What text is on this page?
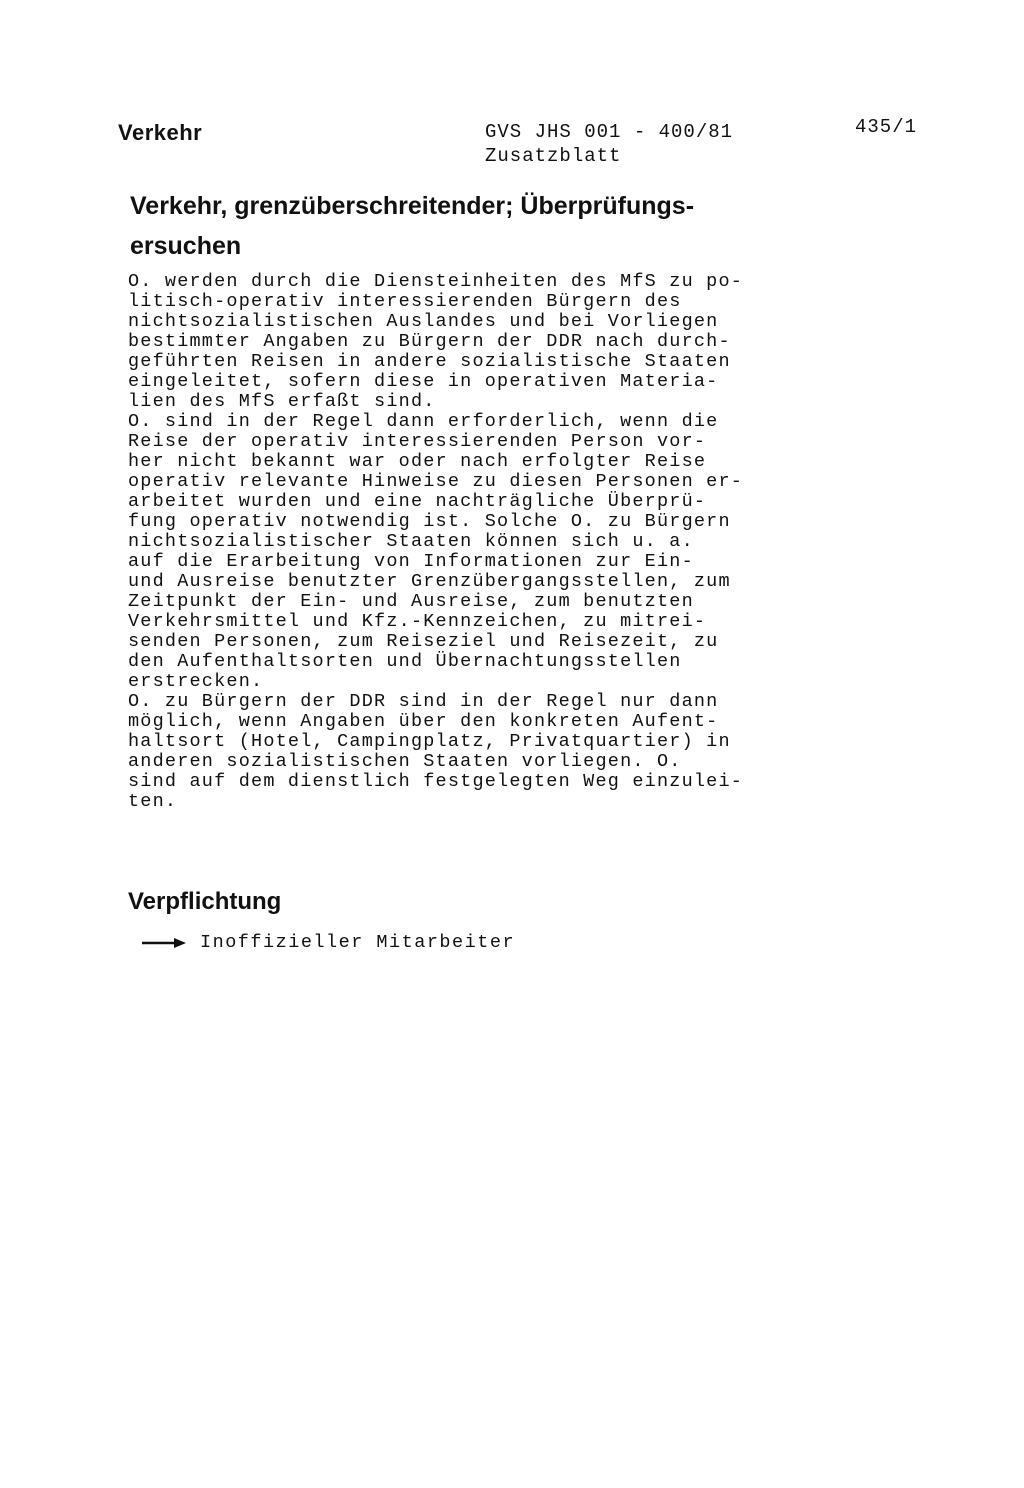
Verkehr	GVS JHS 001 - 400/81
Zusatzblatt
435/1
Verkehr, grenzüberschreitender; Überprüfungs-
ersuchen
O. werden durch die Diensteinheiten des MfS zu po-
litisch-operativ interessierenden Bürgern des
nichtsozialistischen Auslandes und bei Vorliegen
bestimmter Angaben zu Bürgern der DDR nach durch-
geführten Reisen in andere sozialistische Staaten
eingeleitet, sofern diese in operativen Materia-
lien des MfS erfaßt sind.
O. sind in der Regel dann erforderlich, wenn die
Reise der operativ interessierenden Person vor-
her nicht bekannt war oder nach erfolgter Reise
operativ relevante Hinweise zu diesen Personen er-
arbeitet wurden und eine nachträgliche Überprü-
fung operativ notwendig ist. Solche O. zu Bürgern
nichtsozialistischer Staaten können sich u. a.
auf die Erarbeitung von Informationen zur Ein-
und Ausreise benutzter Grenzübergangsstellen, zum
Zeitpunkt der Ein- und Ausreise, zum benutzten
Verkehrsmittel und Kfz.-Kennzeichen, zu mitrei-
senden Personen, zum Reiseziel und Reisezeit, zu
den Aufenthaltsorten und Übernachtungsstellen
erstrecken.
O. zu Bürgern der DDR sind in der Regel nur dann
möglich, wenn Angaben über den konkreten Aufent-
haltsort (Hotel, Campingplatz, Privatquartier) in
anderen sozialistischen Staaten vorliegen. O.
sind auf dem dienstlich festgelegten Weg einzulei-
ten.
Verpflichtung
Inoffizieller Mitarbeiter
